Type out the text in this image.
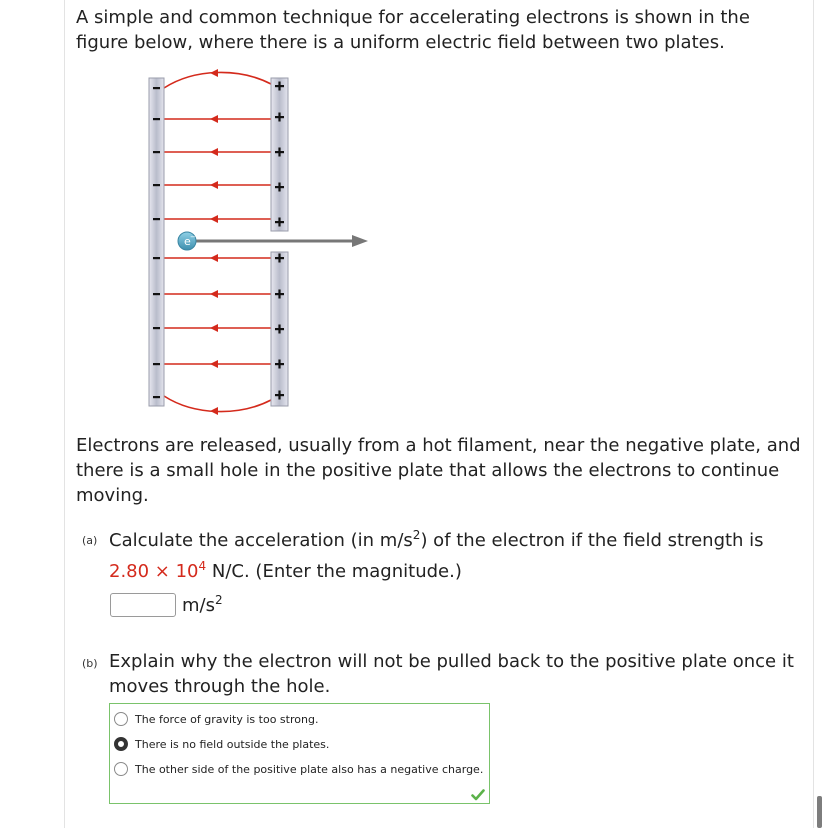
A simple and common technique for accelerating electrons is shown in the figure below, where there is a uniform electric field between two plates.
e −
Electrons are released, usually from a hot filament, near the negative plate, and there is a small hole in the positive plate that allows the electrons to continue moving.
(a) Calculate the acceleration (in $m/s^2$) of the electron if the field strength is
$2.80 \times 10^4$ N/C. (Enter the magnitude.)
$m/s^2$
(b) Explain why the electron will not be pulled back to the positive plate once it moves through the hole.
The force of gravity is too strong.
There is no field outside the plates.
The other side of the positive plate also has a negative charge.
